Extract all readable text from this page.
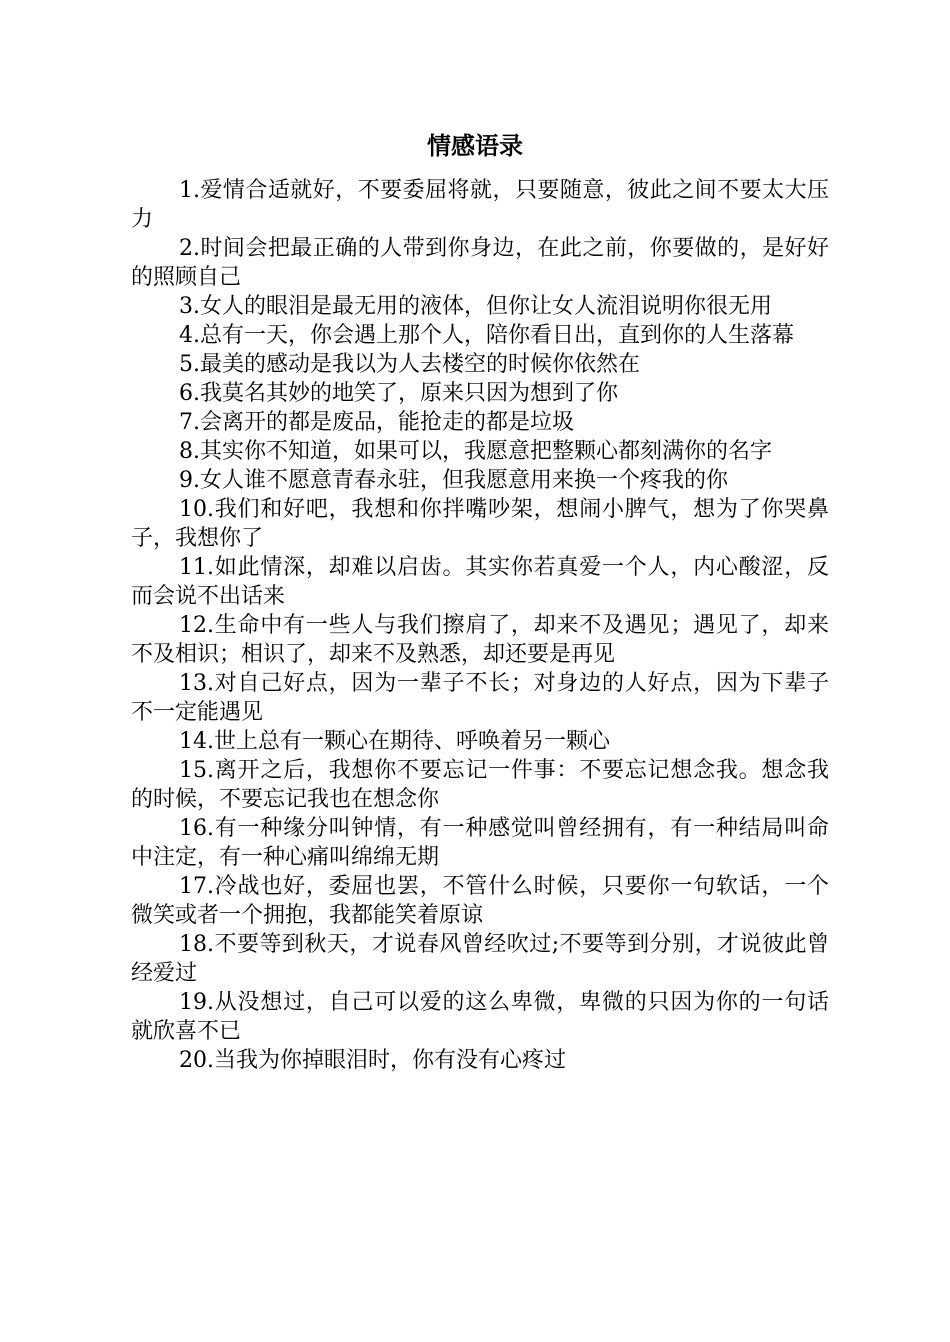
情感语录

1.爱情合适就好，不要委屈将就，只要随意，彼此之间不要太大压力

2.时间会把最正确的人带到你身边，在此之前，你要做的，是好好的照顾自己

3.女人的眼泪是最无用的液体，但你让女人流泪说明你很无用

4.总有一天，你会遇上那个人，陪你看日出，直到你的人生落幕

5.最美的感动是我以为人去楼空的时候你依然在

6.我莫名其妙的地笑了，原来只因为想到了你

7.会离开的都是废品，能抢走的都是垃圾

8.其实你不知道，如果可以，我愿意把整颗心都刻满你的名字

9.女人谁不愿意青春永驻，但我愿意用来换一个疼我的你

10.我们和好吧，我想和你拌嘴吵架，想闹小脾气，想为了你哭鼻子，我想你了

11.如此情深，却难以启齿。其实你若真爱一个人，内心酸涩，反而会说不出话来

12.生命中有一些人与我们擦肩了，却来不及遇见；遇见了，却来不及相识；相识了，却来不及熟悉，却还要是再见

13.对自己好点，因为一辈子不长；对身边的人好点，因为下辈子不一定能遇见

14.世上总有一颗心在期待、呼唤着另一颗心

15.离开之后，我想你不要忘记一件事：不要忘记想念我。想念我的时候，不要忘记我也在想念你

16.有一种缘分叫钟情，有一种感觉叫曾经拥有，有一种结局叫命中注定，有一种心痛叫绵绵无期

17.冷战也好，委屈也罢，不管什么时候，只要你一句软话，一个微笑或者一个拥抱，我都能笑着原谅

18.不要等到秋天，才说春风曾经吹过;不要等到分别，才说彼此曾经爱过

19.从没想过，自己可以爱的这么卑微，卑微的只因为你的一句话就欣喜不已

20.当我为你掉眼泪时，你有没有心疼过
